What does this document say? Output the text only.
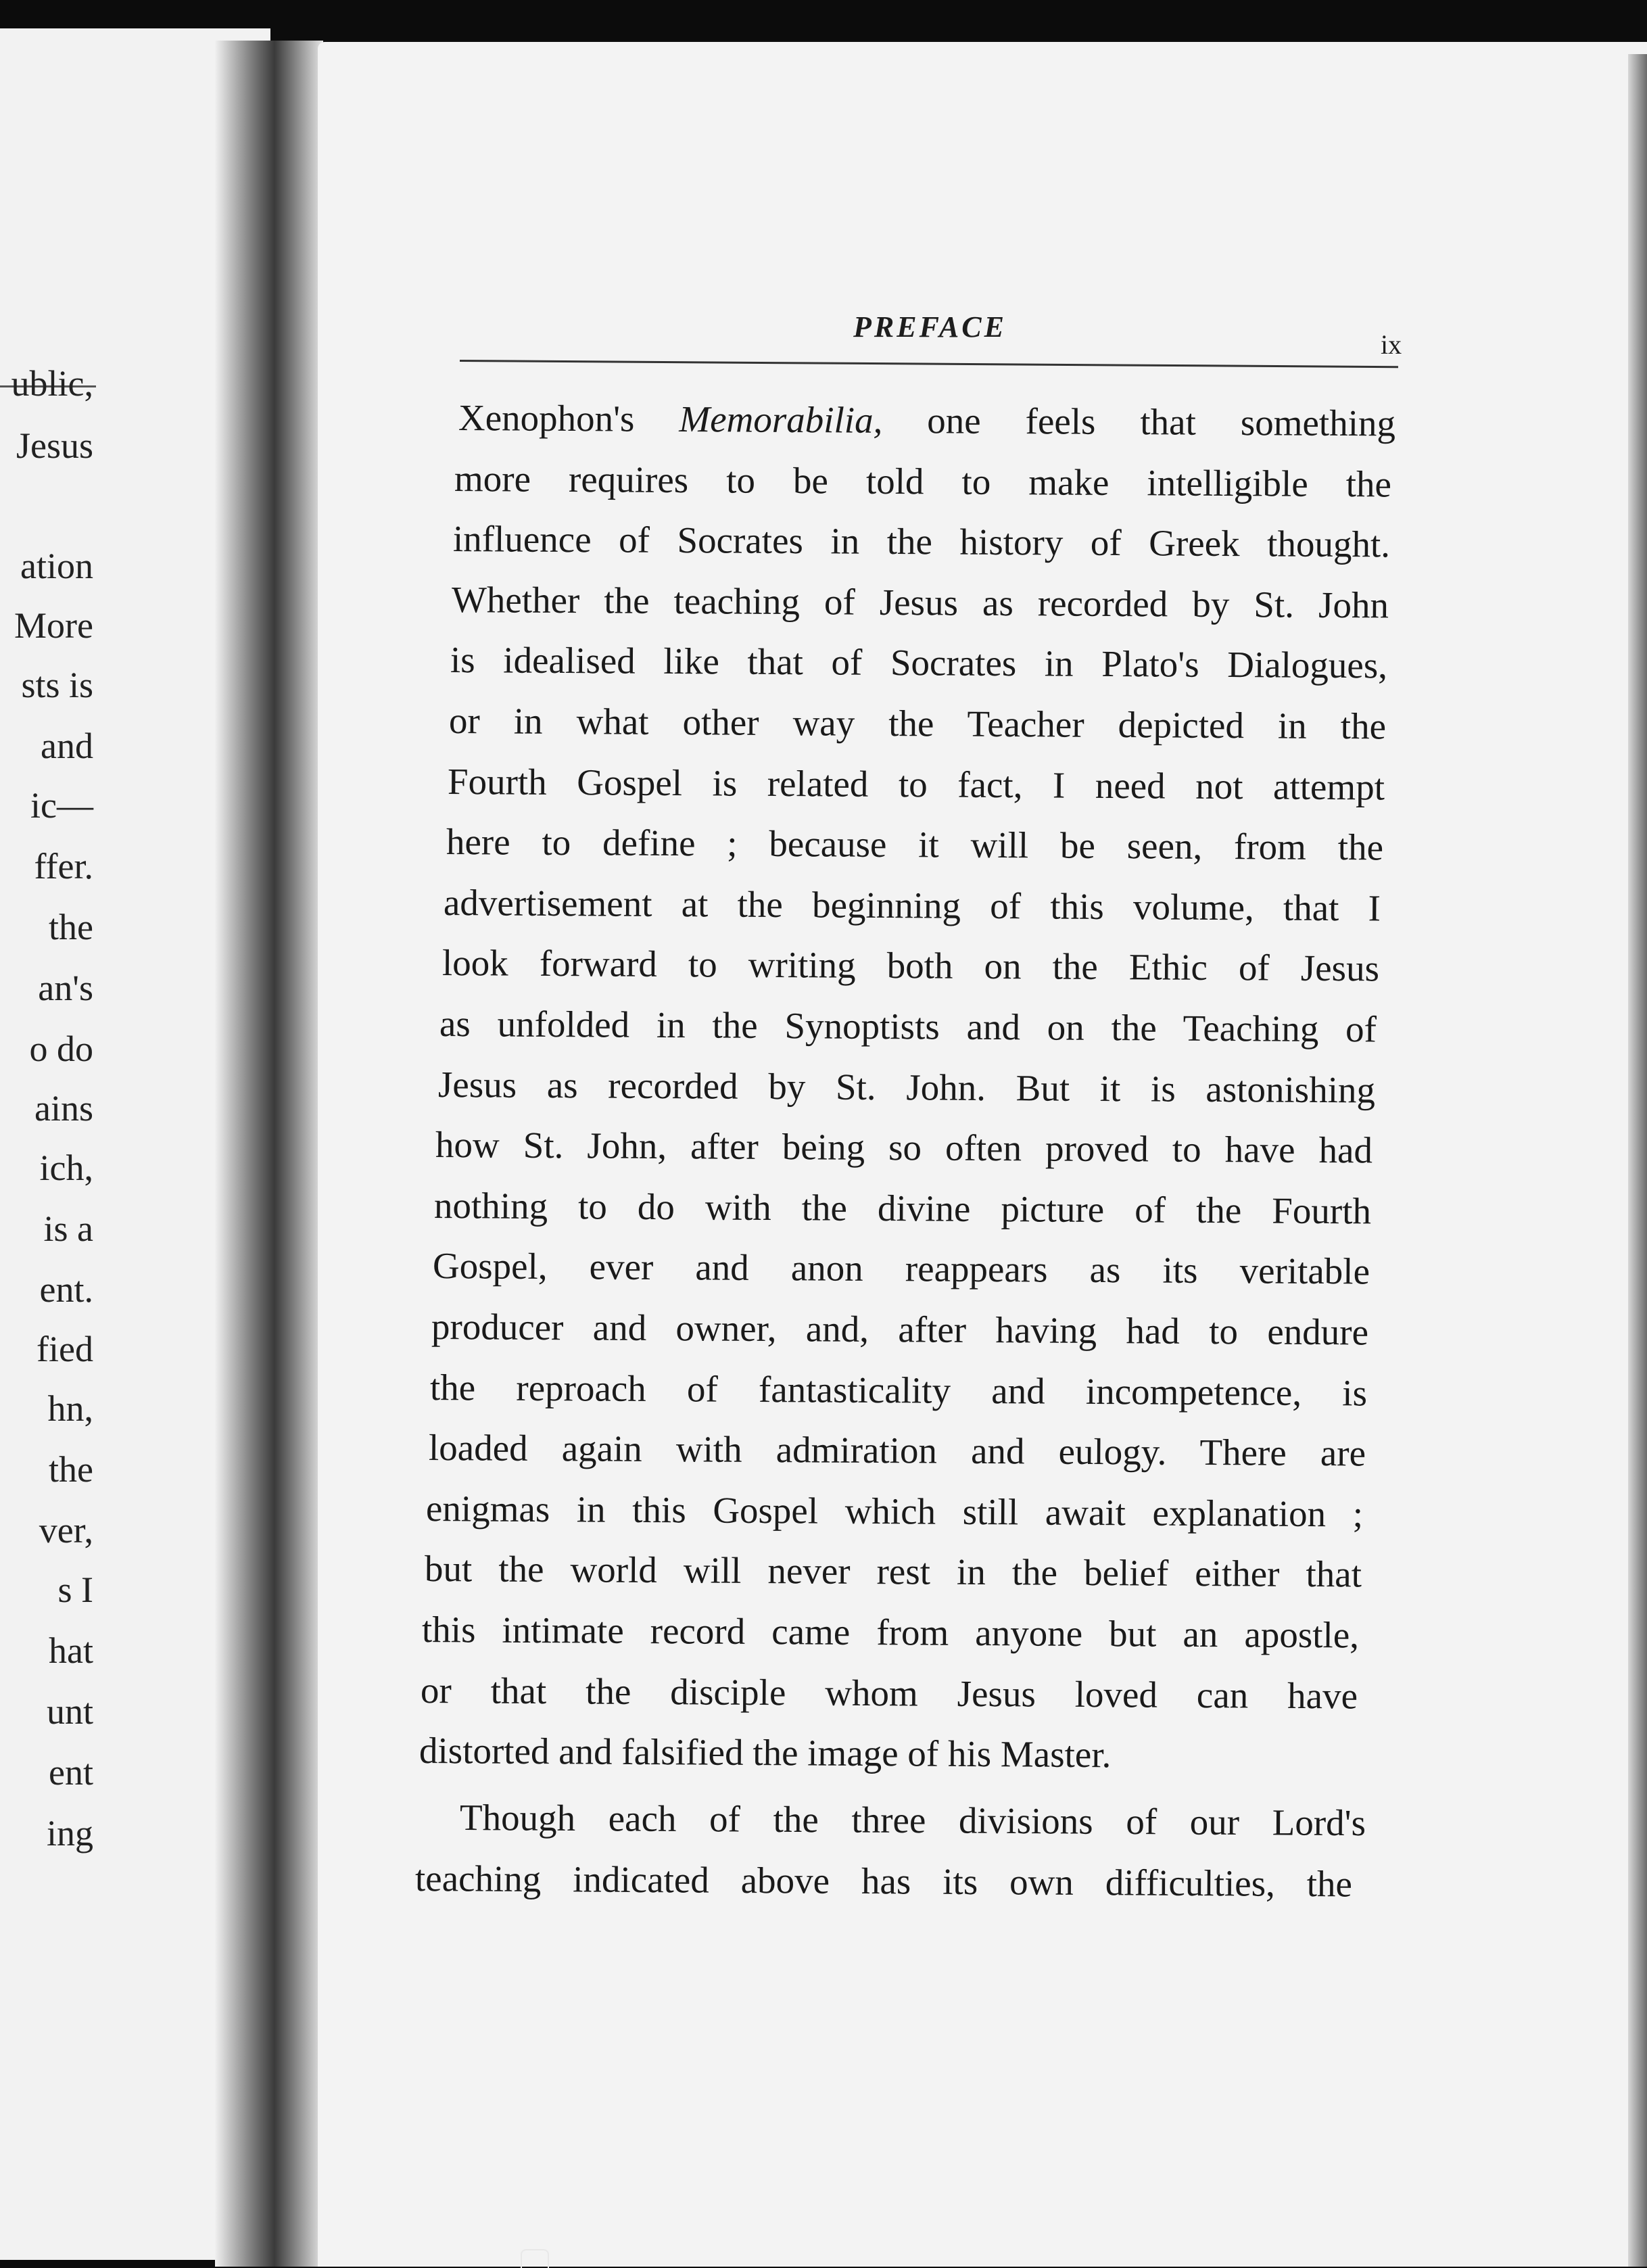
ublic,
Jesus
ation
More
sts is
and
ic—
ffer.
the
an's
o do
ains
ich,
is a
ent.
fied
hn,
the
ver,
s I
hat
unt
ent
ing
PREFACE
ix
Xenophon's Memorabilia, one feels that something
more requires to be told to make intelligible the
influence of Socrates in the history of Greek thought.
Whether the teaching of Jesus as recorded by St. John
is idealised like that of Socrates in Plato's Dialogues,
or in what other way the Teacher depicted in the
Fourth Gospel is related to fact, I need not attempt
here to define ; because it will be seen, from the
advertisement at the beginning of this volume, that I
look forward to writing both on the Ethic of Jesus
as unfolded in the Synoptists and on the Teaching of
Jesus as recorded by St. John. But it is astonishing
how St. John, after being so often proved to have had
nothing to do with the divine picture of the Fourth
Gospel, ever and anon reappears as its veritable
producer and owner, and, after having had to endure
the reproach of fantasticality and incompetence, is
loaded again with admiration and eulogy. There are
enigmas in this Gospel which still await explanation ;
but the world will never rest in the belief either that
this intimate record came from anyone but an apostle,
or that the disciple whom Jesus loved can have
distorted and falsified the image of his Master.
Though each of the three divisions of our Lord's
teaching indicated above has its own difficulties, the
